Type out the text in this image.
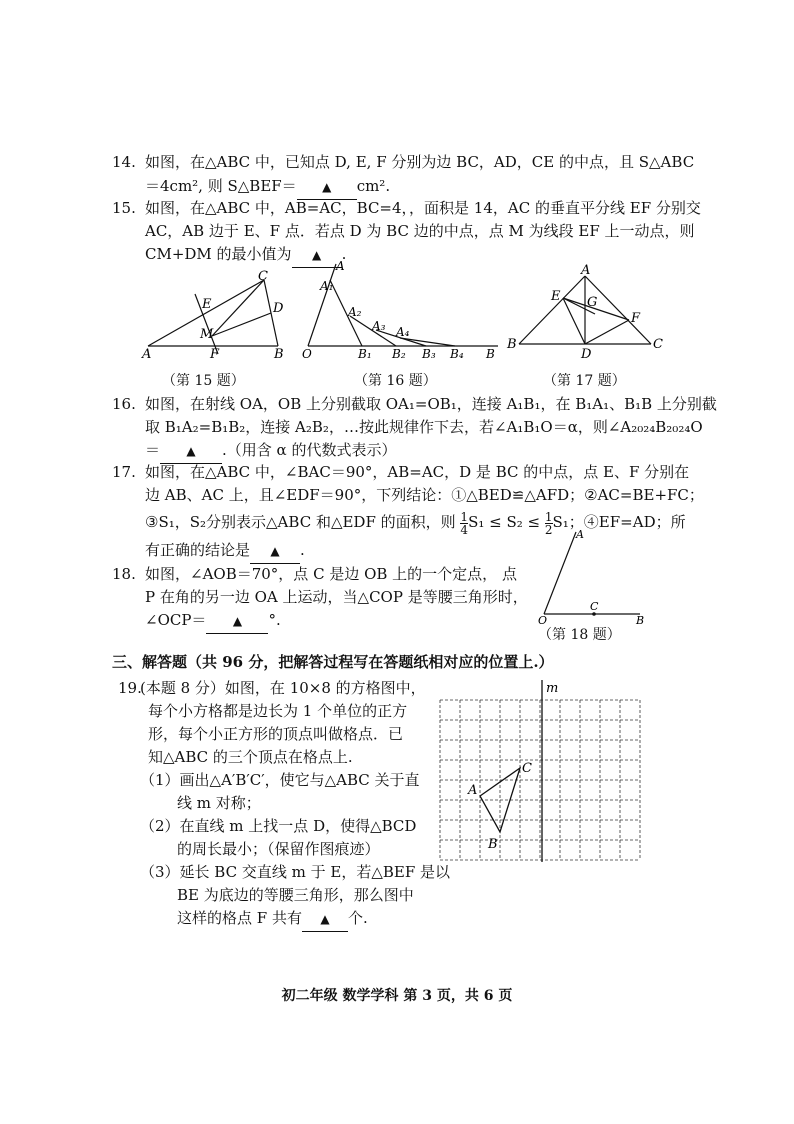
14. 如图，在△ABC 中，已知点 D, E, F 分别为边 BC，AD，CE 的中点，且 S△ABC
＝4cm², 则 S△BEF＝ ▲ cm².
15. 如图，在△ABC 中，AB=AC，BC=4，，面积是 14，AC 的垂直平分线 EF 分别交
AC，AB 边于 E、F 点．若点 D 为 BC 边的中点，点 M 为线段 EF 上一动点，则
CM+DM 的最小值为 ▲ .
C
E	D
M
A	F	B
（第 15 题）
A
A₁
A₂
A₃ A₄
O	B₁ B₂ B₃ B₄ B
（第 16 题）
A
E G
F
B
D
C
（第 17 题）
16. 如图，在射线 OA，OB 上分别截取 OA₁=OB₁，连接 A₁B₁，在 B₁A₁、B₁B 上分别截
取 B₁A₂=B₁B₂，连接 A₂B₂，…按此规律作下去，若∠A₁B₁O＝α，则∠A₂₀₂₄B₂₀₂₄O
＝ ▲ .（用含 α 的代数式表示）
17. 如图，在△ABC 中，∠BAC＝90°，AB=AC，D 是 BC 的中点，点 E、F 分别在
边 AB、AC 上，且∠EDF＝90°，下列结论：①△BED≌△AFD；②AC=BE+FC；
③S₁，S₂分别表示△ABC 和△EDF 的面积，则 $\frac{1}{4} S_1 \le S_2 \le \frac{1}{2} S_1$；④EF=AD；所
有正确的结论是 ▲ .
18. 如图，∠AOB＝70°，点 C 是边 OB 上的一个定点， 点
P 在角的另一边 OA 上运动，当△COP 是等腰三角形时，
∠OCP＝ ▲ °.
A
O
C
B
（第 18 题）
三、解答题（共 96 分，把解答过程写在答题纸相对应的位置上.）
19.
(本题 8 分）如图，在 10×8 的方格图中，
每个小方格都是边长为 1 个单位的正方
形，每个小正方形的顶点叫做格点．已
知△ABC 的三个顶点在格点上.
（1）画出△A′B′C′，使它与△ABC 关于直
线 m 对称；
（2）在直线 m 上找一点 D，使得△BCD
的周长最小；（保留作图痕迹）
（3）延长 BC 交直线 m 于 E，若△BEF 是以
BE 为底边的等腰三角形，那么图中
这样的格点 F 共有 ▲ 个.
m
A
B
C
初二年级 数学学科 第 3 页，共 6 页
